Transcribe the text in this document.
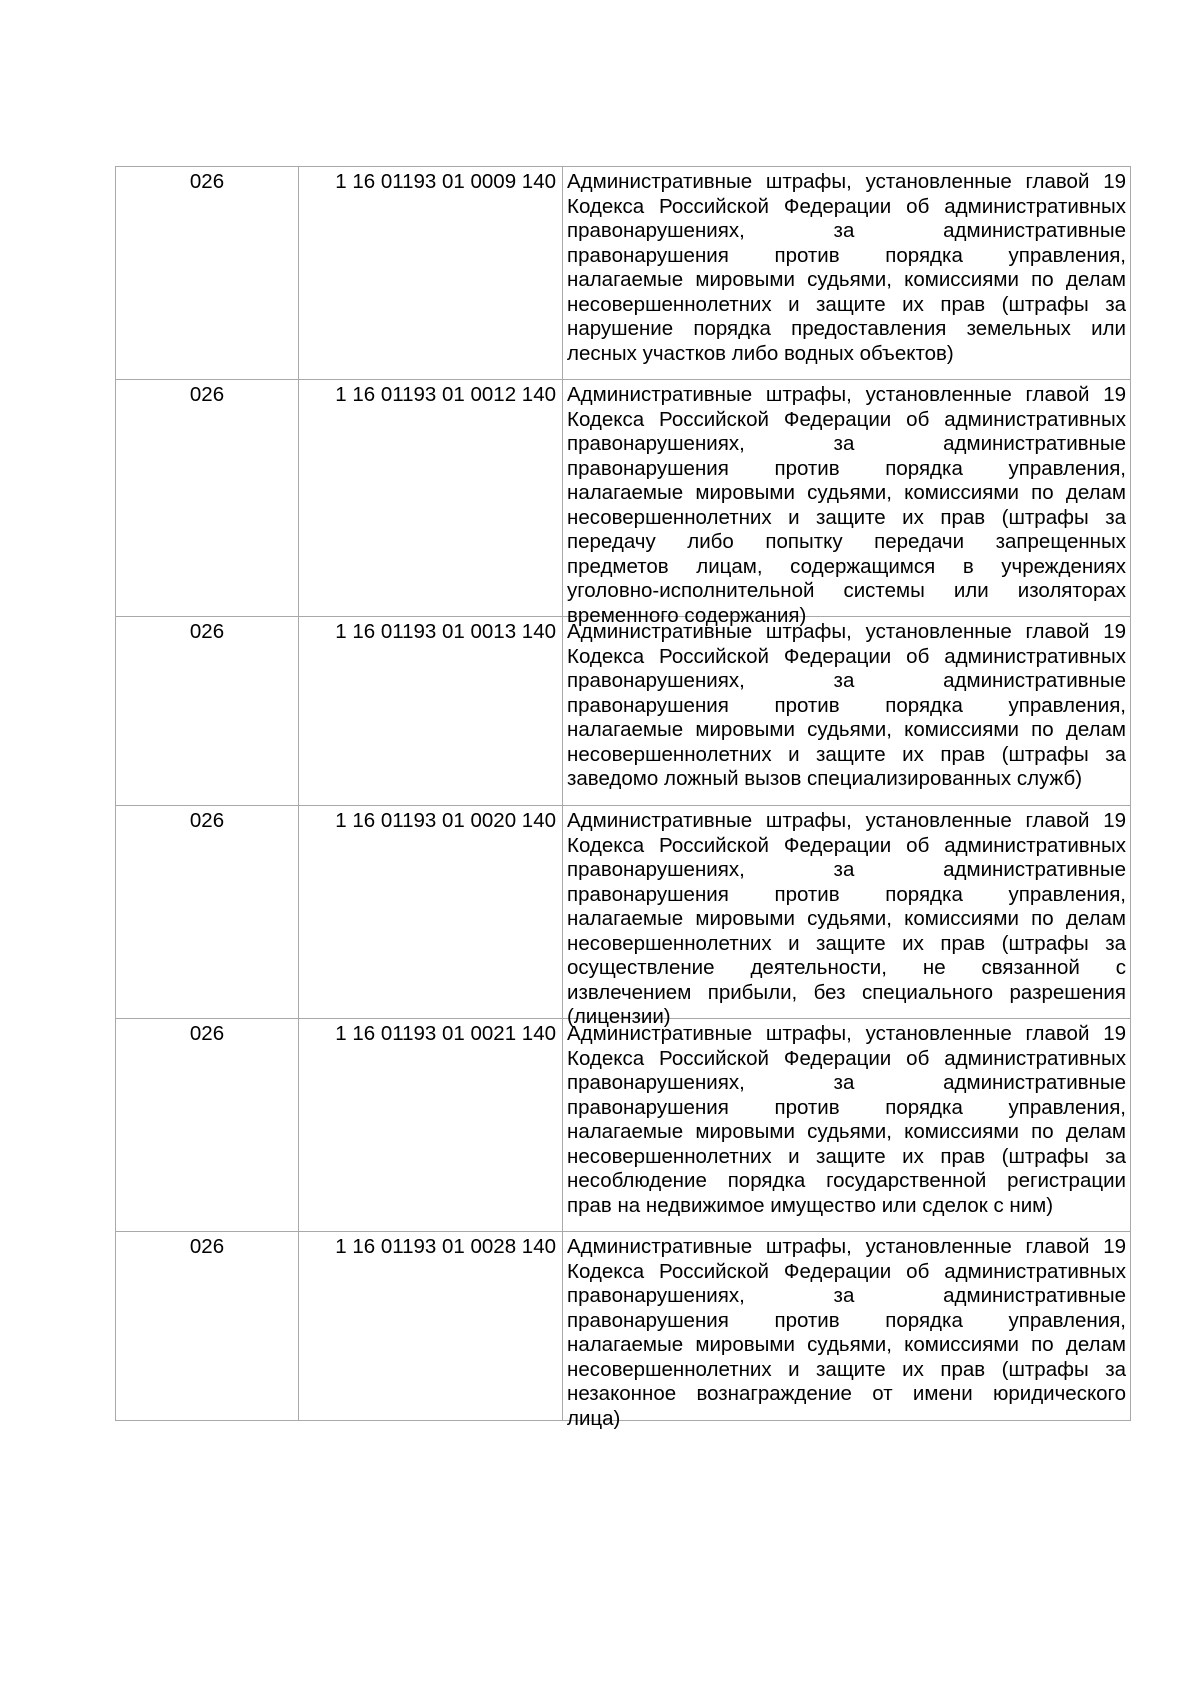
026	1 16 01193 01 0009 140	Административные штрафы, установленные главой 19 Кодекса Российской Федерации об административных правонарушениях, за административные правонарушения против порядка управления, налагаемые мировыми судьями, комиссиями по делам несовершеннолетних и защите их прав (штрафы за нарушение порядка предоставления земельных или лесных участков либо водных объектов)

026	1 16 01193 01 0012 140	Административные штрафы, установленные главой 19 Кодекса Российской Федерации об административных правонарушениях, за административные правонарушения против порядка управления, налагаемые мировыми судьями, комиссиями по делам несовершеннолетних и защите их прав (штрафы за передачу либо попытку передачи запрещенных предметов лицам, содержащимся в учреждениях уголовно-исполнительной системы или изоляторах временного содержания)

026	1 16 01193 01 0013 140	Административные штрафы, установленные главой 19 Кодекса Российской Федерации об административных правонарушениях, за административные правонарушения против порядка управления, налагаемые мировыми судьями, комиссиями по делам несовершеннолетних и защите их прав (штрафы за заведомо ложный вызов специализированных служб)

026	1 16 01193 01 0020 140	Административные штрафы, установленные главой 19 Кодекса Российской Федерации об административных правонарушениях, за административные правонарушения против порядка управления, налагаемые мировыми судьями, комиссиями по делам несовершеннолетних и защите их прав (штрафы за осуществление деятельности, не связанной с извлечением прибыли, без специального разрешения (лицензии)

026	1 16 01193 01 0021 140	Административные штрафы, установленные главой 19 Кодекса Российской Федерации об административных правонарушениях, за административные правонарушения против порядка управления, налагаемые мировыми судьями, комиссиями по делам несовершеннолетних и защите их прав (штрафы за несоблюдение порядка государственной регистрации прав на недвижимое имущество или сделок с ним)

026	1 16 01193 01 0028 140	Административные штрафы, установленные главой 19 Кодекса Российской Федерации об административных правонарушениях, за административные правонарушения против порядка управления, налагаемые мировыми судьями, комиссиями по делам несовершеннолетних и защите их прав (штрафы за незаконное вознаграждение от имени юридического лица)
